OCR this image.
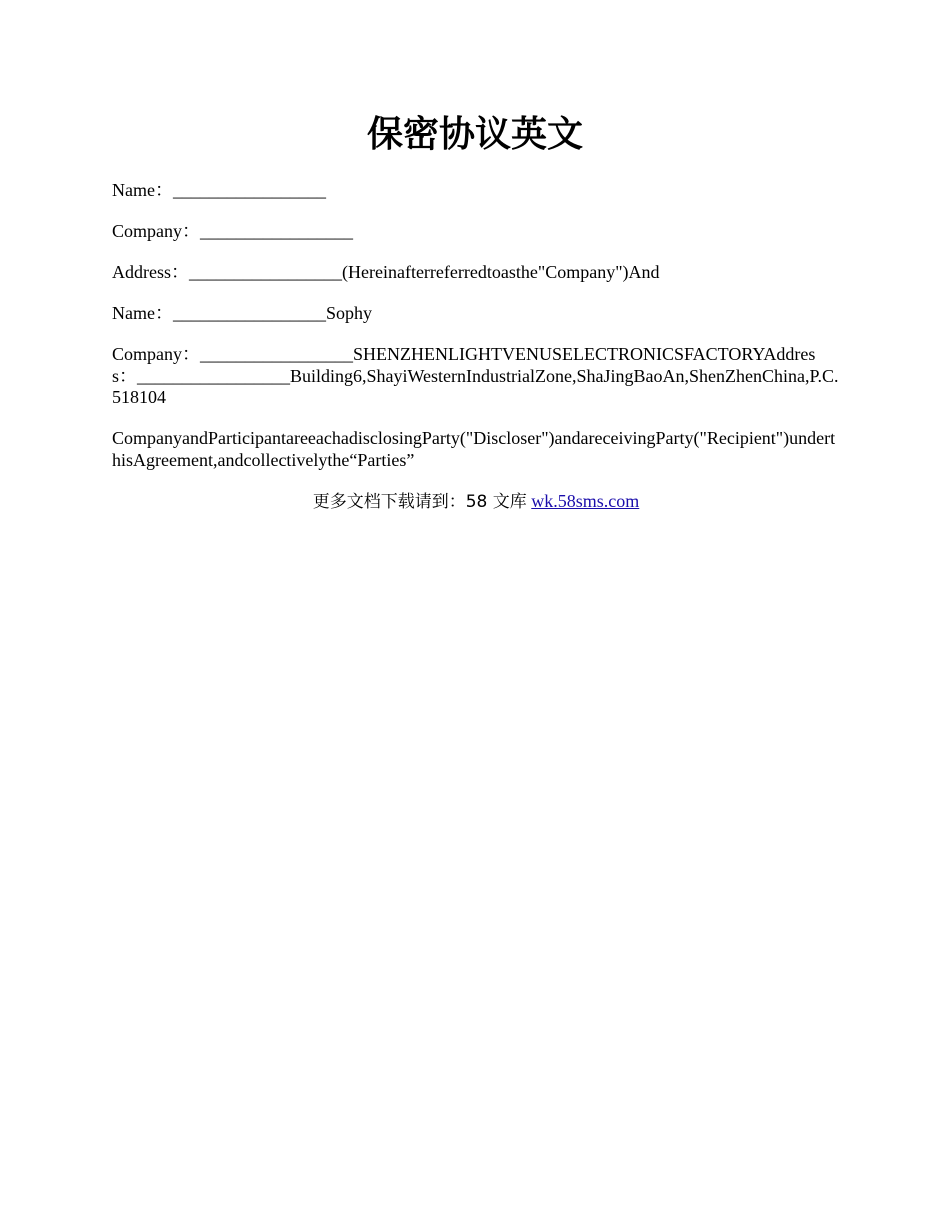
保密协议英文

Name：_________________

Company：_________________

Address：_________________(Hereinafterreferredtoasthe"Company")And

Name：_________________Sophy

Company：_________________SHENZHENLIGHTVENUSELECTRONICSFACTORYAddress：_________________Building6,ShayiWesternIndustrialZone,ShaJingBaoAn,ShenZhenChina,P.C.518104

CompanyandParticipantareeachadisclosingParty("Discloser")andareceivingParty("Recipient")underthisAgreement,andcollectivelythe“Parties”

更多文档下载请到：58 文库 wk.58sms.com
